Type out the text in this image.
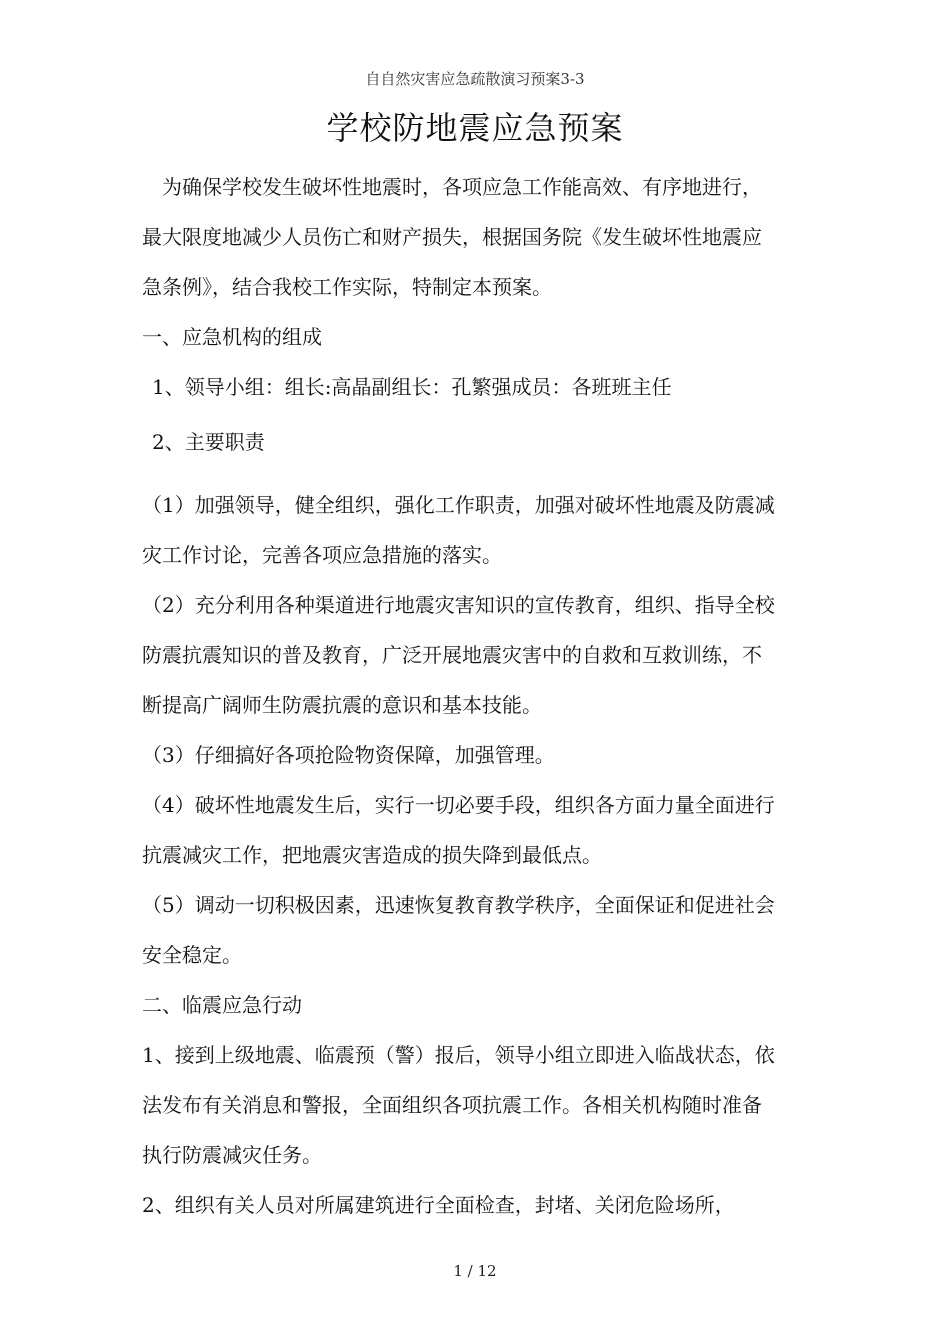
自自然灾害应急疏散演习预案3-3
学校防地震应急预案
为确保学校发生破坏性地震时，各项应急工作能高效、有序地进行，
最大限度地减少人员伤亡和财产损失，根据国务院《发生破坏性地震应
急条例》，结合我校工作实际，特制定本预案。
一、应急机构的组成
1、领导小组：组长:高晶副组长：孔繁强成员：各班班主任
2、主要职责
（1）加强领导，健全组织，强化工作职责，加强对破坏性地震及防震减
灾工作讨论，完善各项应急措施的落实。
（2）充分利用各种渠道进行地震灾害知识的宣传教育，组织、指导全校
防震抗震知识的普及教育，广泛开展地震灾害中的自救和互救训练，不
断提高广阔师生防震抗震的意识和基本技能。
（3）仔细搞好各项抢险物资保障，加强管理。
（4）破坏性地震发生后，实行一切必要手段，组织各方面力量全面进行
抗震减灾工作，把地震灾害造成的损失降到最低点。
（5）调动一切积极因素，迅速恢复教育教学秩序，全面保证和促进社会
安全稳定。
二、临震应急行动
1、接到上级地震、临震预（警）报后，领导小组立即进入临战状态，依
法发布有关消息和警报，全面组织各项抗震工作。各相关机构随时准备
执行防震减灾任务。
2、组织有关人员对所属建筑进行全面检查，封堵、关闭危险场所，
1 / 12
